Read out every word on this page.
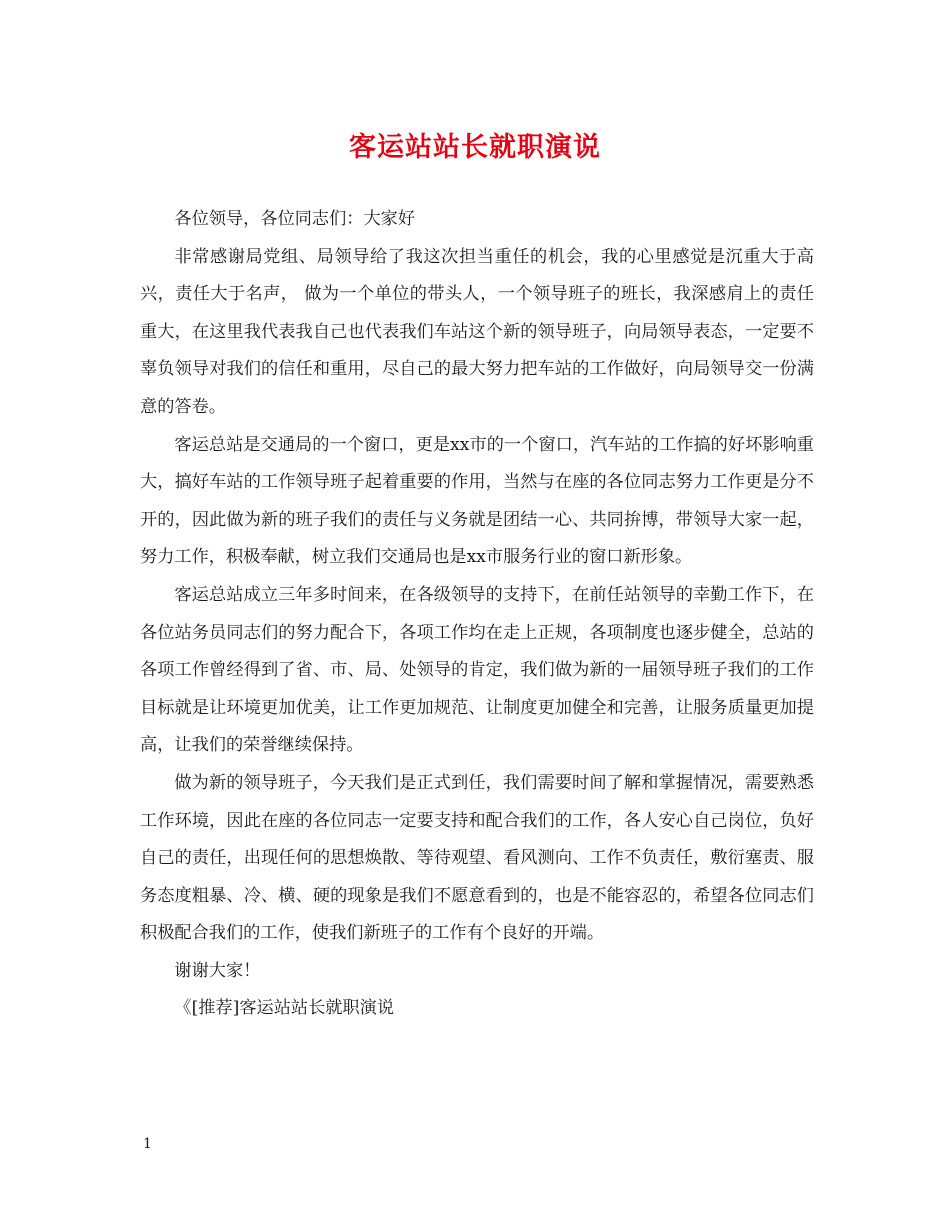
客运站站长就职演说

各位领导，各位同志们：大家好

非常感谢局党组、局领导给了我这次担当重任的机会，我的心里感觉是沉重大于高兴，责任大于名声， 做为一个单位的带头人，一个领导班子的班长，我深感肩上的责任重大，在这里我代表我自己也代表我们车站这个新的领导班子，向局领导表态，一定要不辜负领导对我们的信任和重用，尽自己的最大努力把车站的工作做好，向局领导交一份满意的答卷。

客运总站是交通局的一个窗口，更是xx市的一个窗口，汽车站的工作搞的好坏影响重大，搞好车站的工作领导班子起着重要的作用，当然与在座的各位同志努力工作更是分不开的，因此做为新的班子我们的责任与义务就是团结一心、共同拚博，带领导大家一起，努力工作，积极奉献，树立我们交通局也是xx市服务行业的窗口新形象。

客运总站成立三年多时间来，在各级领导的支持下，在前任站领导的幸勤工作下，在各位站务员同志们的努力配合下，各项工作均在走上正规，各项制度也逐步健全，总站的各项工作曾经得到了省、市、局、处领导的肯定，我们做为新的一届领导班子我们的工作目标就是让环境更加优美，让工作更加规范、让制度更加健全和完善，让服务质量更加提高，让我们的荣誉继续保持。

做为新的领导班子，今天我们是正式到任，我们需要时间了解和掌握情况，需要熟悉工作环境，因此在座的各位同志一定要支持和配合我们的工作，各人安心自己岗位，负好自己的责任，出现任何的思想焕散、等待观望、看风测向、工作不负责任，敷衍塞责、服务态度粗暴、冷、横、硬的现象是我们不愿意看到的，也是不能容忍的，希望各位同志们积极配合我们的工作，使我们新班子的工作有个良好的开端。

谢谢大家！

《[推荐]客运站站长就职演说

1
